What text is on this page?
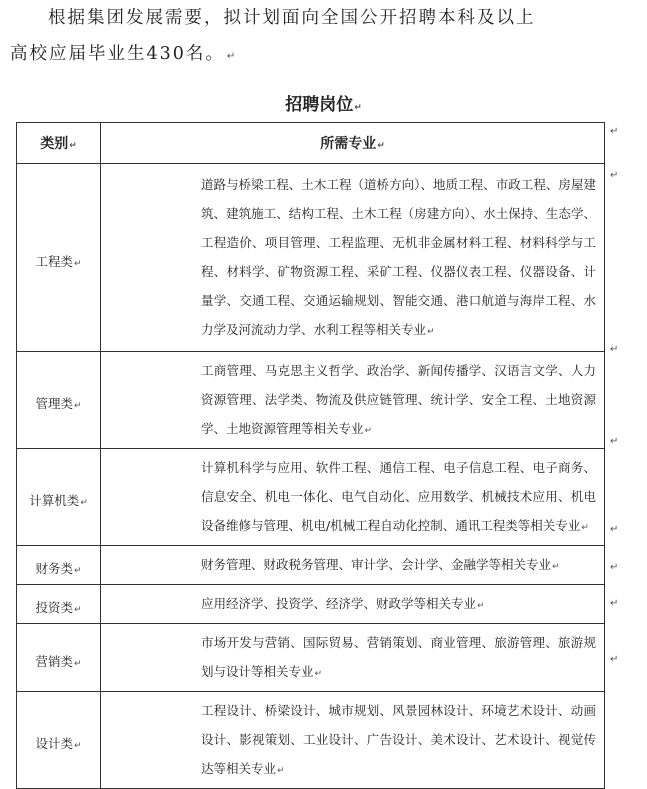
根据集团发展需要，拟计划面向全国公开招聘本科及以上
高校应届毕业生430名。 ↵
招聘岗位↵
类别↵	所需专业↵
工程类↵	道路与桥梁工程、土木工程（道桥方向）、地质工程、市政工程、房屋建筑、建筑施工、结构工程、土木工程（房建方向）、水土保持、生态学、工程造价、项目管理、工程监理、无机非金属材料工程、材料科学与工程、材料学、矿物资源工程、采矿工程、仪器仪表工程、仪器设备、计量学、交通工程、交通运输规划、智能交通、港口航道与海岸工程、水力学及河流动力学、水利工程等相关专业↵
管理类↵	工商管理、马克思主义哲学、政治学、新闻传播学、汉语言文学、人力资源管理、法学类、物流及供应链管理、统计学、安全工程、土地资源学、土地资源管理等相关专业↵
计算机类↵	计算机科学与应用、软件工程、通信工程、电子信息工程、电子商务、信息安全、机电一体化、电气自动化、应用数学、机械技术应用、机电设备维修与管理、机电/机械工程自动化控制、通讯工程类等相关专业↵
财务类↵	财务管理、财政税务管理、审计学、会计学、金融学等相关专业↵
投资类↵	应用经济学、投资学、经济学、财政学等相关专业↵
营销类↵	市场开发与营销、国际贸易、营销策划、商业管理、旅游管理、旅游规划与设计等相关专业↵
设计类↵	工程设计、桥梁设计、城市规划、风景园林设计、环境艺术设计、动画设计、影视策划、工业设计、广告设计、美术设计、艺术设计、视觉传达等相关专业↵
↵
↵
↵
↵
↵
↵
↵
↵
